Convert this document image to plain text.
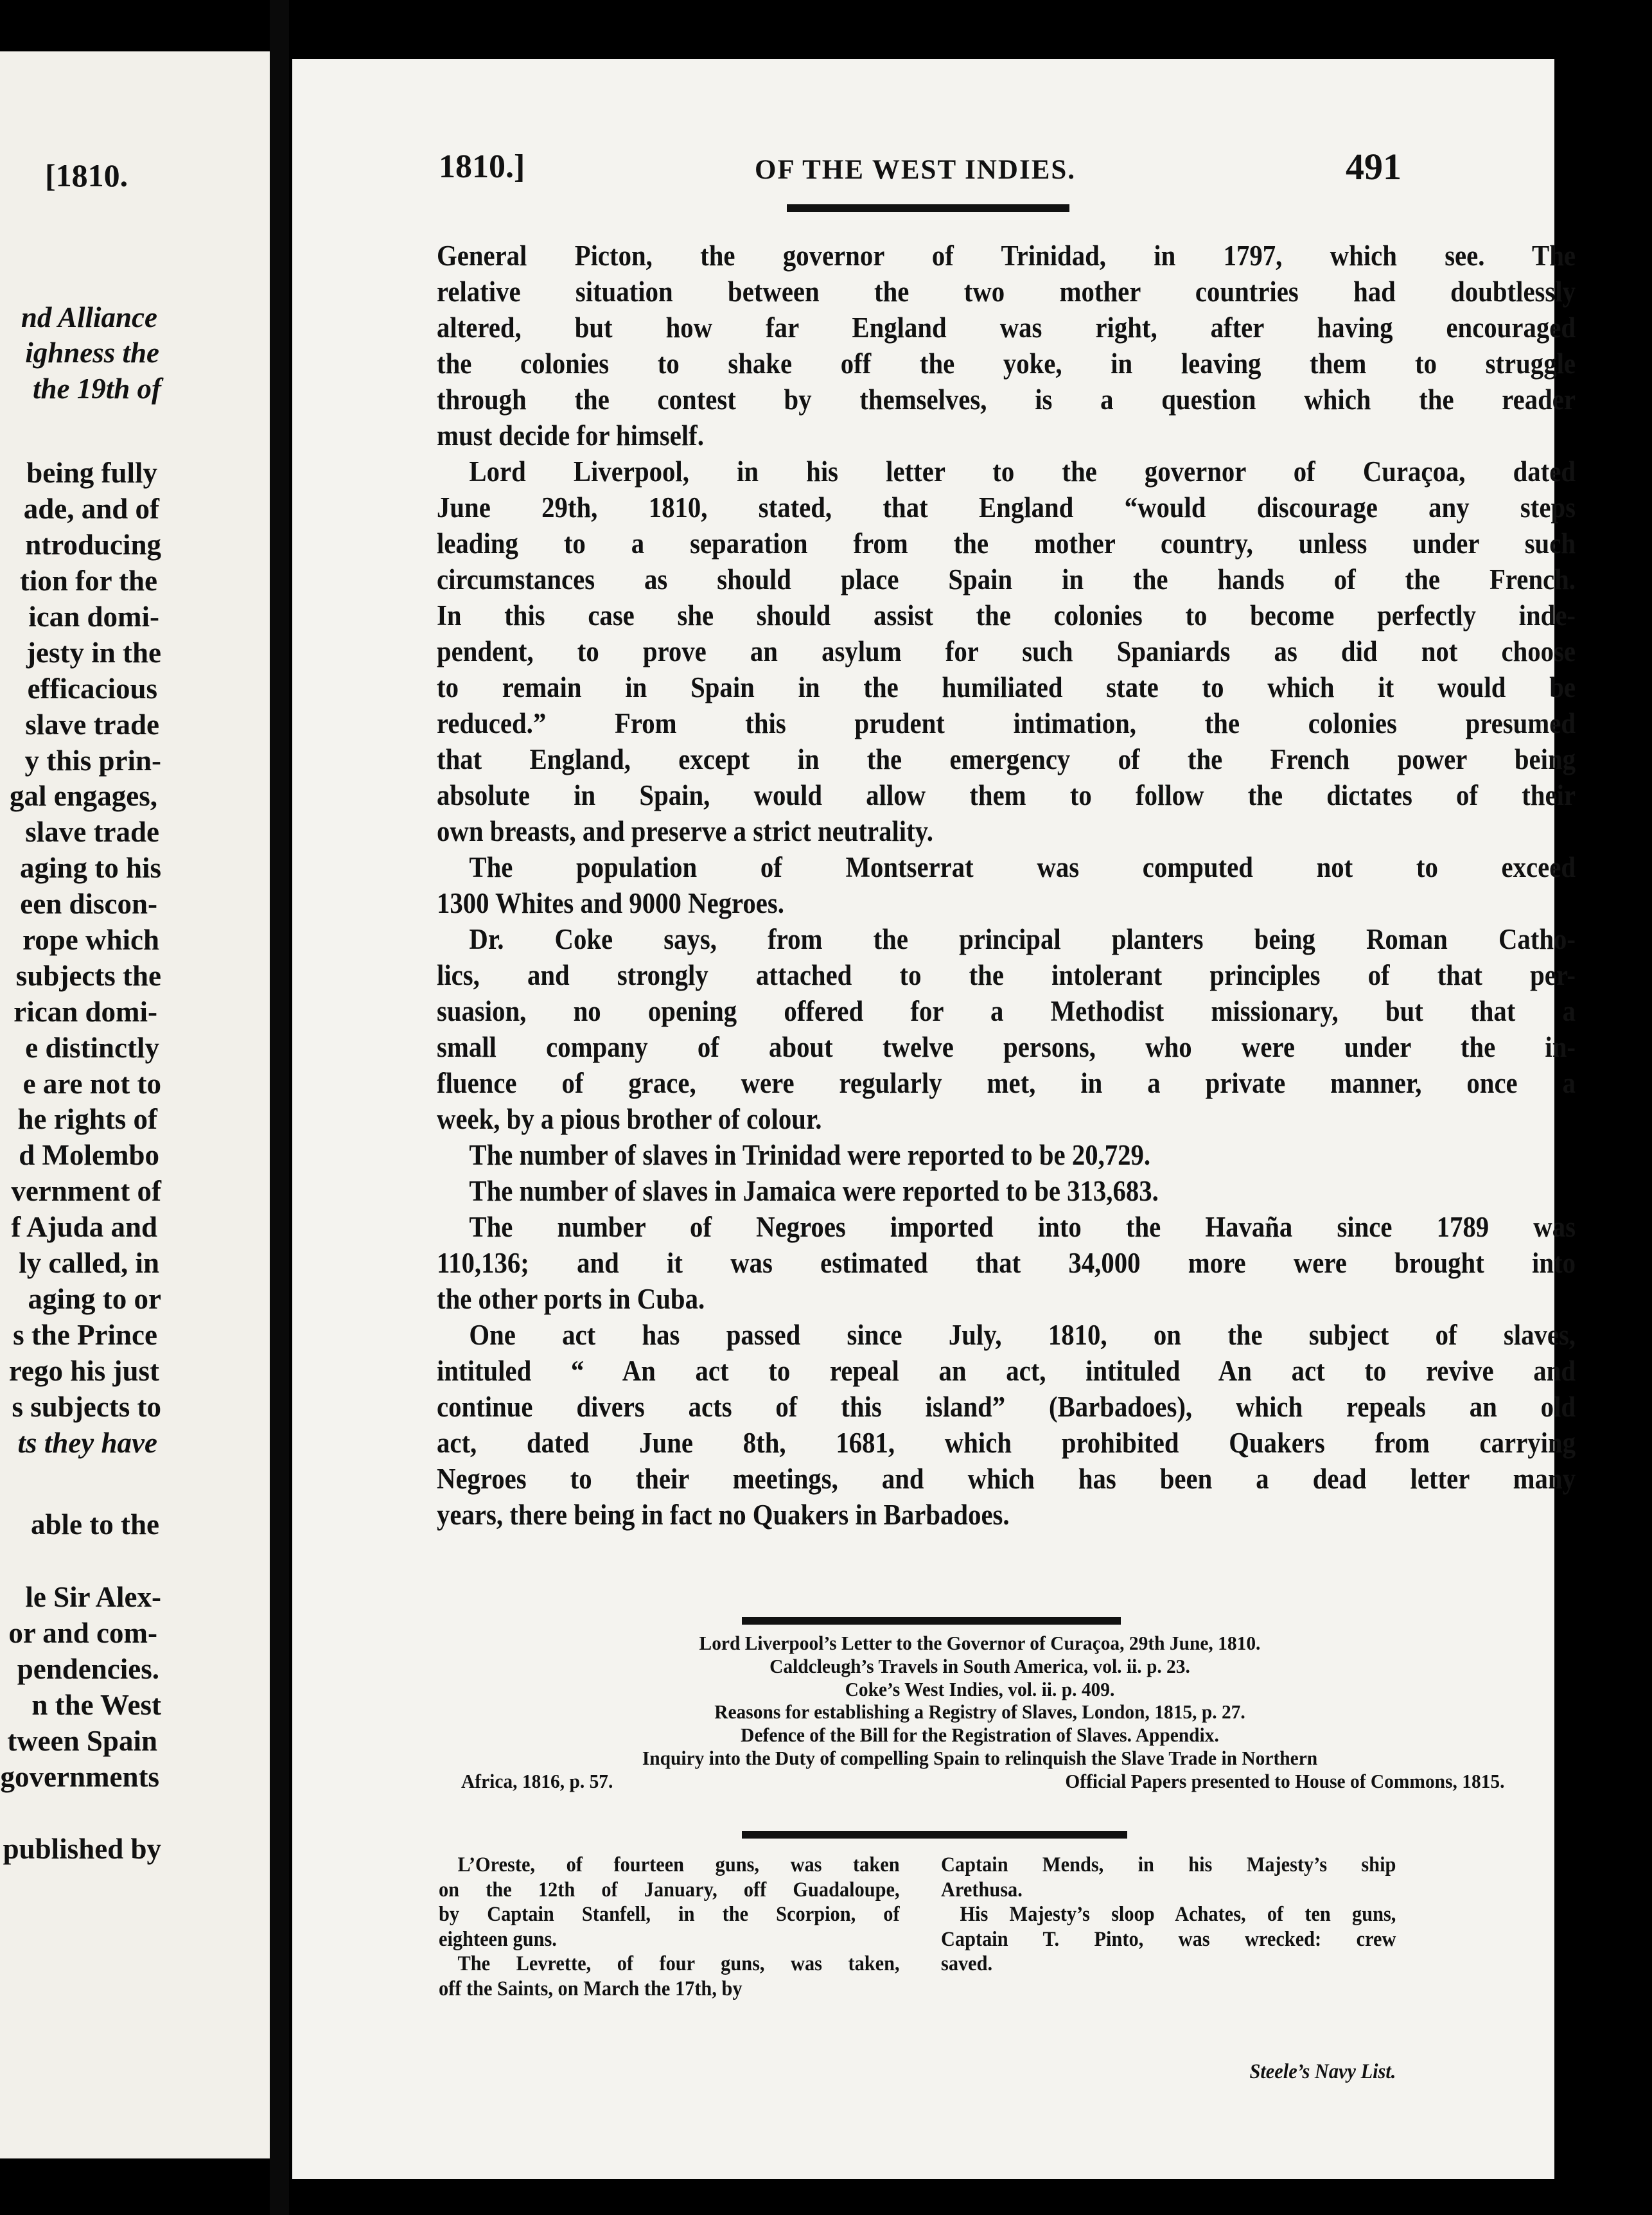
[1810.
nd Alliance
ighness the
the 19th of
being fully
ade, and of
ntroducing
tion for the
ican domi-
jesty in the
efficacious
slave trade
y this prin-
gal engages,
slave trade
aging to his
een discon-
rope which
subjects the
rican domi-
e distinctly
e are not to
he rights of
d Molembo
vernment of
f Ajuda and
ly called, in
aging to or
s the Prince
rego his just
s subjects to
ts they have
able to the
le Sir Alex-
or and com-
pendencies.
n the West
tween Spain
governments
published by
1810.]	OF THE WEST INDIES.	491

General Picton, the governor of Trinidad, in 1797, which see. The

relative situation between the two mother countries had doubtlessly

altered, but how far England was right, after having encouraged

the colonies to shake off the yoke, in leaving them to struggle

through the contest by themselves, is a question which the reader

must decide for himself.

Lord Liverpool, in his letter to the governor of Curaçoa, dated

June 29th, 1810, stated, that England “would discourage any steps

leading to a separation from the mother country, unless under such

circumstances as should place Spain in the hands of the French.

In this case she should assist the colonies to become perfectly inde-

pendent, to prove an asylum for such Spaniards as did not choose

to remain in Spain in the humiliated state to which it would be

reduced.” From this prudent intimation, the colonies presumed

that England, except in the emergency of the French power being

absolute in Spain, would allow them to follow the dictates of their

own breasts, and preserve a strict neutrality.

The population of Montserrat was computed not to exceed

1300 Whites and 9000 Negroes.

Dr. Coke says, from the principal planters being Roman Catho-

lics, and strongly attached to the intolerant principles of that per-

suasion, no opening offered for a Methodist missionary, but that a

small company of about twelve persons, who were under the in-

fluence of grace, were regularly met, in a private manner, once a

week, by a pious brother of colour.

The number of slaves in Trinidad were reported to be 20,729.

The number of slaves in Jamaica were reported to be 313,683.

The number of Negroes imported into the Havaña since 1789 was

110,136; and it was estimated that 34,000 more were brought into

the other ports in Cuba.

One act has passed since July, 1810, on the subject of slaves,

intituled “ An act to repeal an act, intituled An act to revive and

continue divers acts of this island” (Barbadoes), which repeals an old

act, dated June 8th, 1681, which prohibited Quakers from carrying

Negroes to their meetings, and which has been a dead letter many

years, there being in fact no Quakers in Barbadoes.

Lord Liverpool’s Letter to the Governor of Curaçoa, 29th June, 1810.
Caldcleugh’s Travels in South America, vol. ii. p. 23.
Coke’s West Indies, vol. ii. p. 409.
Reasons for establishing a Registry of Slaves, London, 1815, p. 27.
Defence of the Bill for the Registration of Slaves. Appendix.
Inquiry into the Duty of compelling Spain to relinquish the Slave Trade in Northern
Africa, 1816, p. 57.	Official Papers presented to House of Commons, 1815.

L’Oreste, of fourteen guns, was taken

on the 12th of January, off Guadaloupe,

by Captain Stanfell, in the Scorpion, of

eighteen guns.

The Levrette, of four guns, was taken,

off the Saints, on March the 17th, by

Captain Mends, in his Majesty’s ship

Arethusa.

His Majesty’s sloop Achates, of ten guns,

Captain T. Pinto, was wrecked: crew

saved.

Steele’s Navy List.
